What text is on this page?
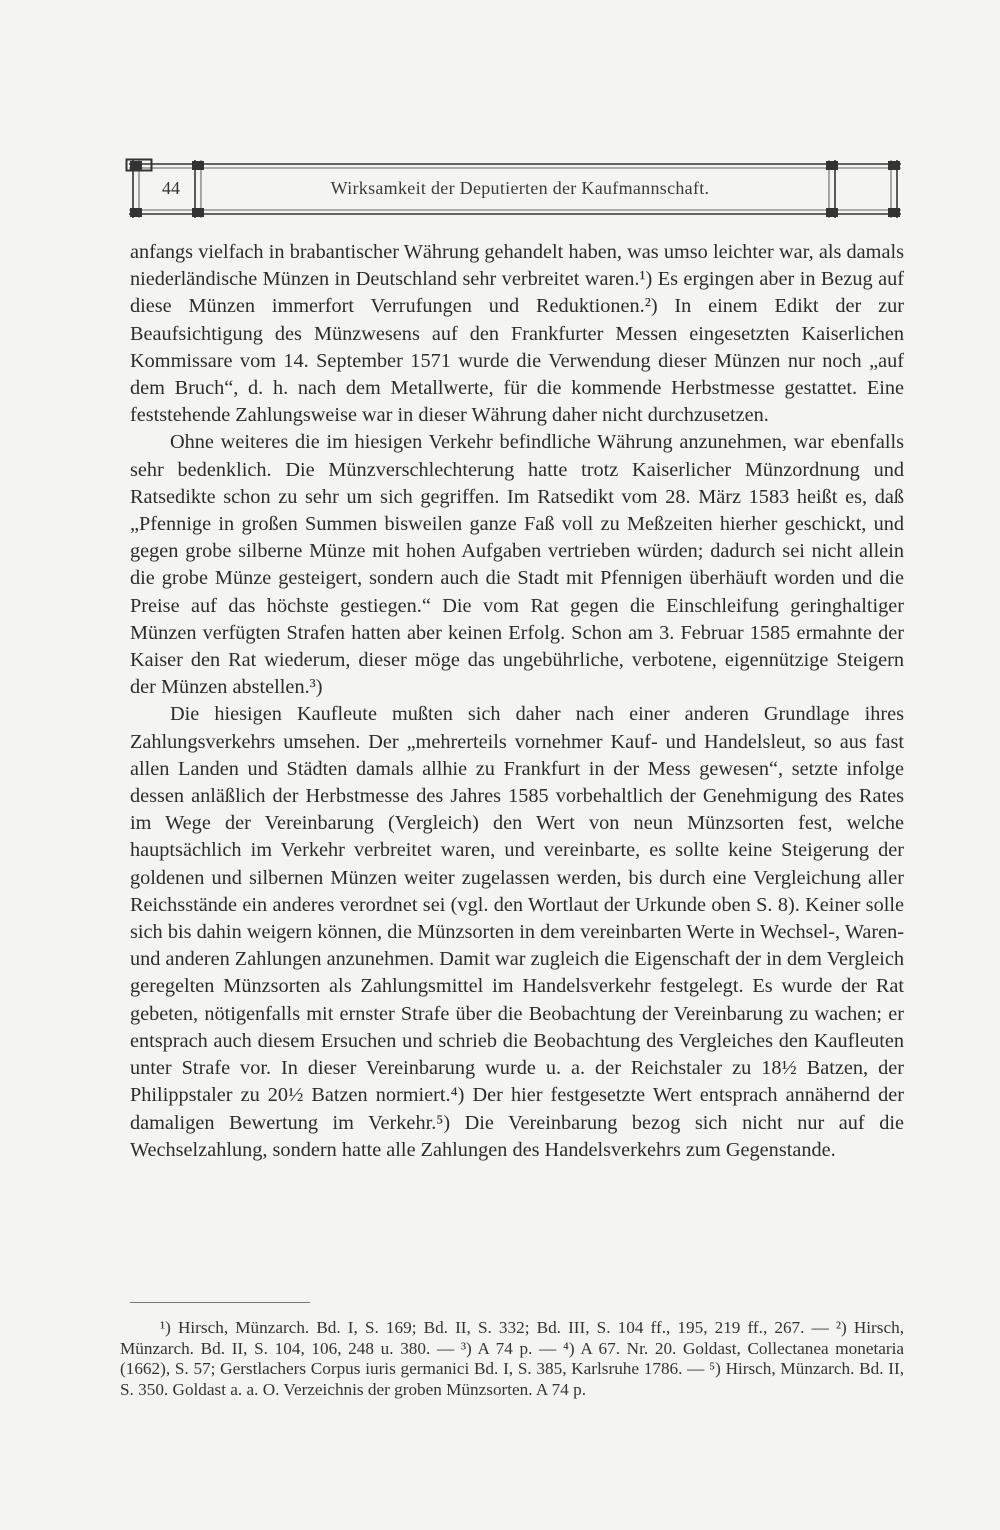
44	Wirksamkeit der Deputierten der Kaufmannschaft.

anfangs vielfach in brabantischer Währung gehandelt haben, was umso leichter war, als damals niederländische Münzen in Deutschland sehr verbreitet waren.¹) Es ergingen aber in Bezug auf diese Münzen immerfort Verrufungen und Reduktionen.²) In einem Edikt der zur Beaufsichtigung des Münzwesens auf den Frankfurter Messen eingesetzten Kaiserlichen Kommissare vom 14. September 1571 wurde die Verwendung dieser Münzen nur noch „auf dem Bruch“, d. h. nach dem Metallwerte, für die kommende Herbstmesse gestattet. Eine feststehende Zahlungsweise war in dieser Währung daher nicht durchzusetzen.

Ohne weiteres die im hiesigen Verkehr befindliche Währung anzunehmen, war ebenfalls sehr bedenklich. Die Münzverschlechterung hatte trotz Kaiserlicher Münzordnung und Ratsedikte schon zu sehr um sich gegriffen. Im Ratsedikt vom 28. März 1583 heißt es, daß „Pfennige in großen Summen bisweilen ganze Faß voll zu Meßzeiten hierher geschickt, und gegen grobe silberne Münze mit hohen Aufgaben vertrieben würden; dadurch sei nicht allein die grobe Münze gesteigert, sondern auch die Stadt mit Pfennigen überhäuft worden und die Preise auf das höchste gestiegen.“ Die vom Rat gegen die Einschleifung geringhaltiger Münzen verfügten Strafen hatten aber keinen Erfolg. Schon am 3. Februar 1585 ermahnte der Kaiser den Rat wiederum, dieser möge das ungebührliche, verbotene, eigennützige Steigern der Münzen abstellen.³)

Die hiesigen Kaufleute mußten sich daher nach einer anderen Grundlage ihres Zahlungsverkehrs umsehen. Der „mehrerteils vornehmer Kauf- und Handelsleut, so aus fast allen Landen und Städten damals allhie zu Frankfurt in der Mess gewesen“, setzte infolge dessen anläßlich der Herbstmesse des Jahres 1585 vorbehaltlich der Genehmigung des Rates im Wege der Vereinbarung (Vergleich) den Wert von neun Münzsorten fest, welche hauptsächlich im Verkehr verbreitet waren, und vereinbarte, es sollte keine Steigerung der goldenen und silbernen Münzen weiter zugelassen werden, bis durch eine Vergleichung aller Reichsstände ein anderes verordnet sei (vgl. den Wortlaut der Urkunde oben S. 8). Keiner solle sich bis dahin weigern können, die Münzsorten in dem vereinbarten Werte in Wechsel-, Waren- und anderen Zahlungen anzunehmen. Damit war zugleich die Eigenschaft der in dem Vergleich geregelten Münzsorten als Zahlungsmittel im Handelsverkehr festgelegt. Es wurde der Rat gebeten, nötigenfalls mit ernster Strafe über die Beobachtung der Vereinbarung zu wachen; er entsprach auch diesem Ersuchen und schrieb die Beobachtung des Vergleiches den Kaufleuten unter Strafe vor. In dieser Vereinbarung wurde u. a. der Reichstaler zu 18½ Batzen, der Philippstaler zu 20½ Batzen normiert.⁴) Der hier festgesetzte Wert entsprach annähernd der damaligen Bewertung im Verkehr.⁵) Die Vereinbarung bezog sich nicht nur auf die Wechselzahlung, sondern hatte alle Zahlungen des Handelsverkehrs zum Gegenstande.

¹) Hirsch, Münzarch. Bd. I, S. 169; Bd. II, S. 332; Bd. III, S. 104 ff., 195, 219 ff., 267. — ²) Hirsch, Münzarch. Bd. II, S. 104, 106, 248 u. 380. — ³) A 74 p. — ⁴) A 67. Nr. 20. Goldast, Collectanea monetaria (1662), S. 57; Gerstlachers Corpus iuris germanici Bd. I, S. 385, Karlsruhe 1786. — ⁵) Hirsch, Münzarch. Bd. II, S. 350. Goldast a. a. O. Verzeichnis der groben Münzsorten. A 74 p.
